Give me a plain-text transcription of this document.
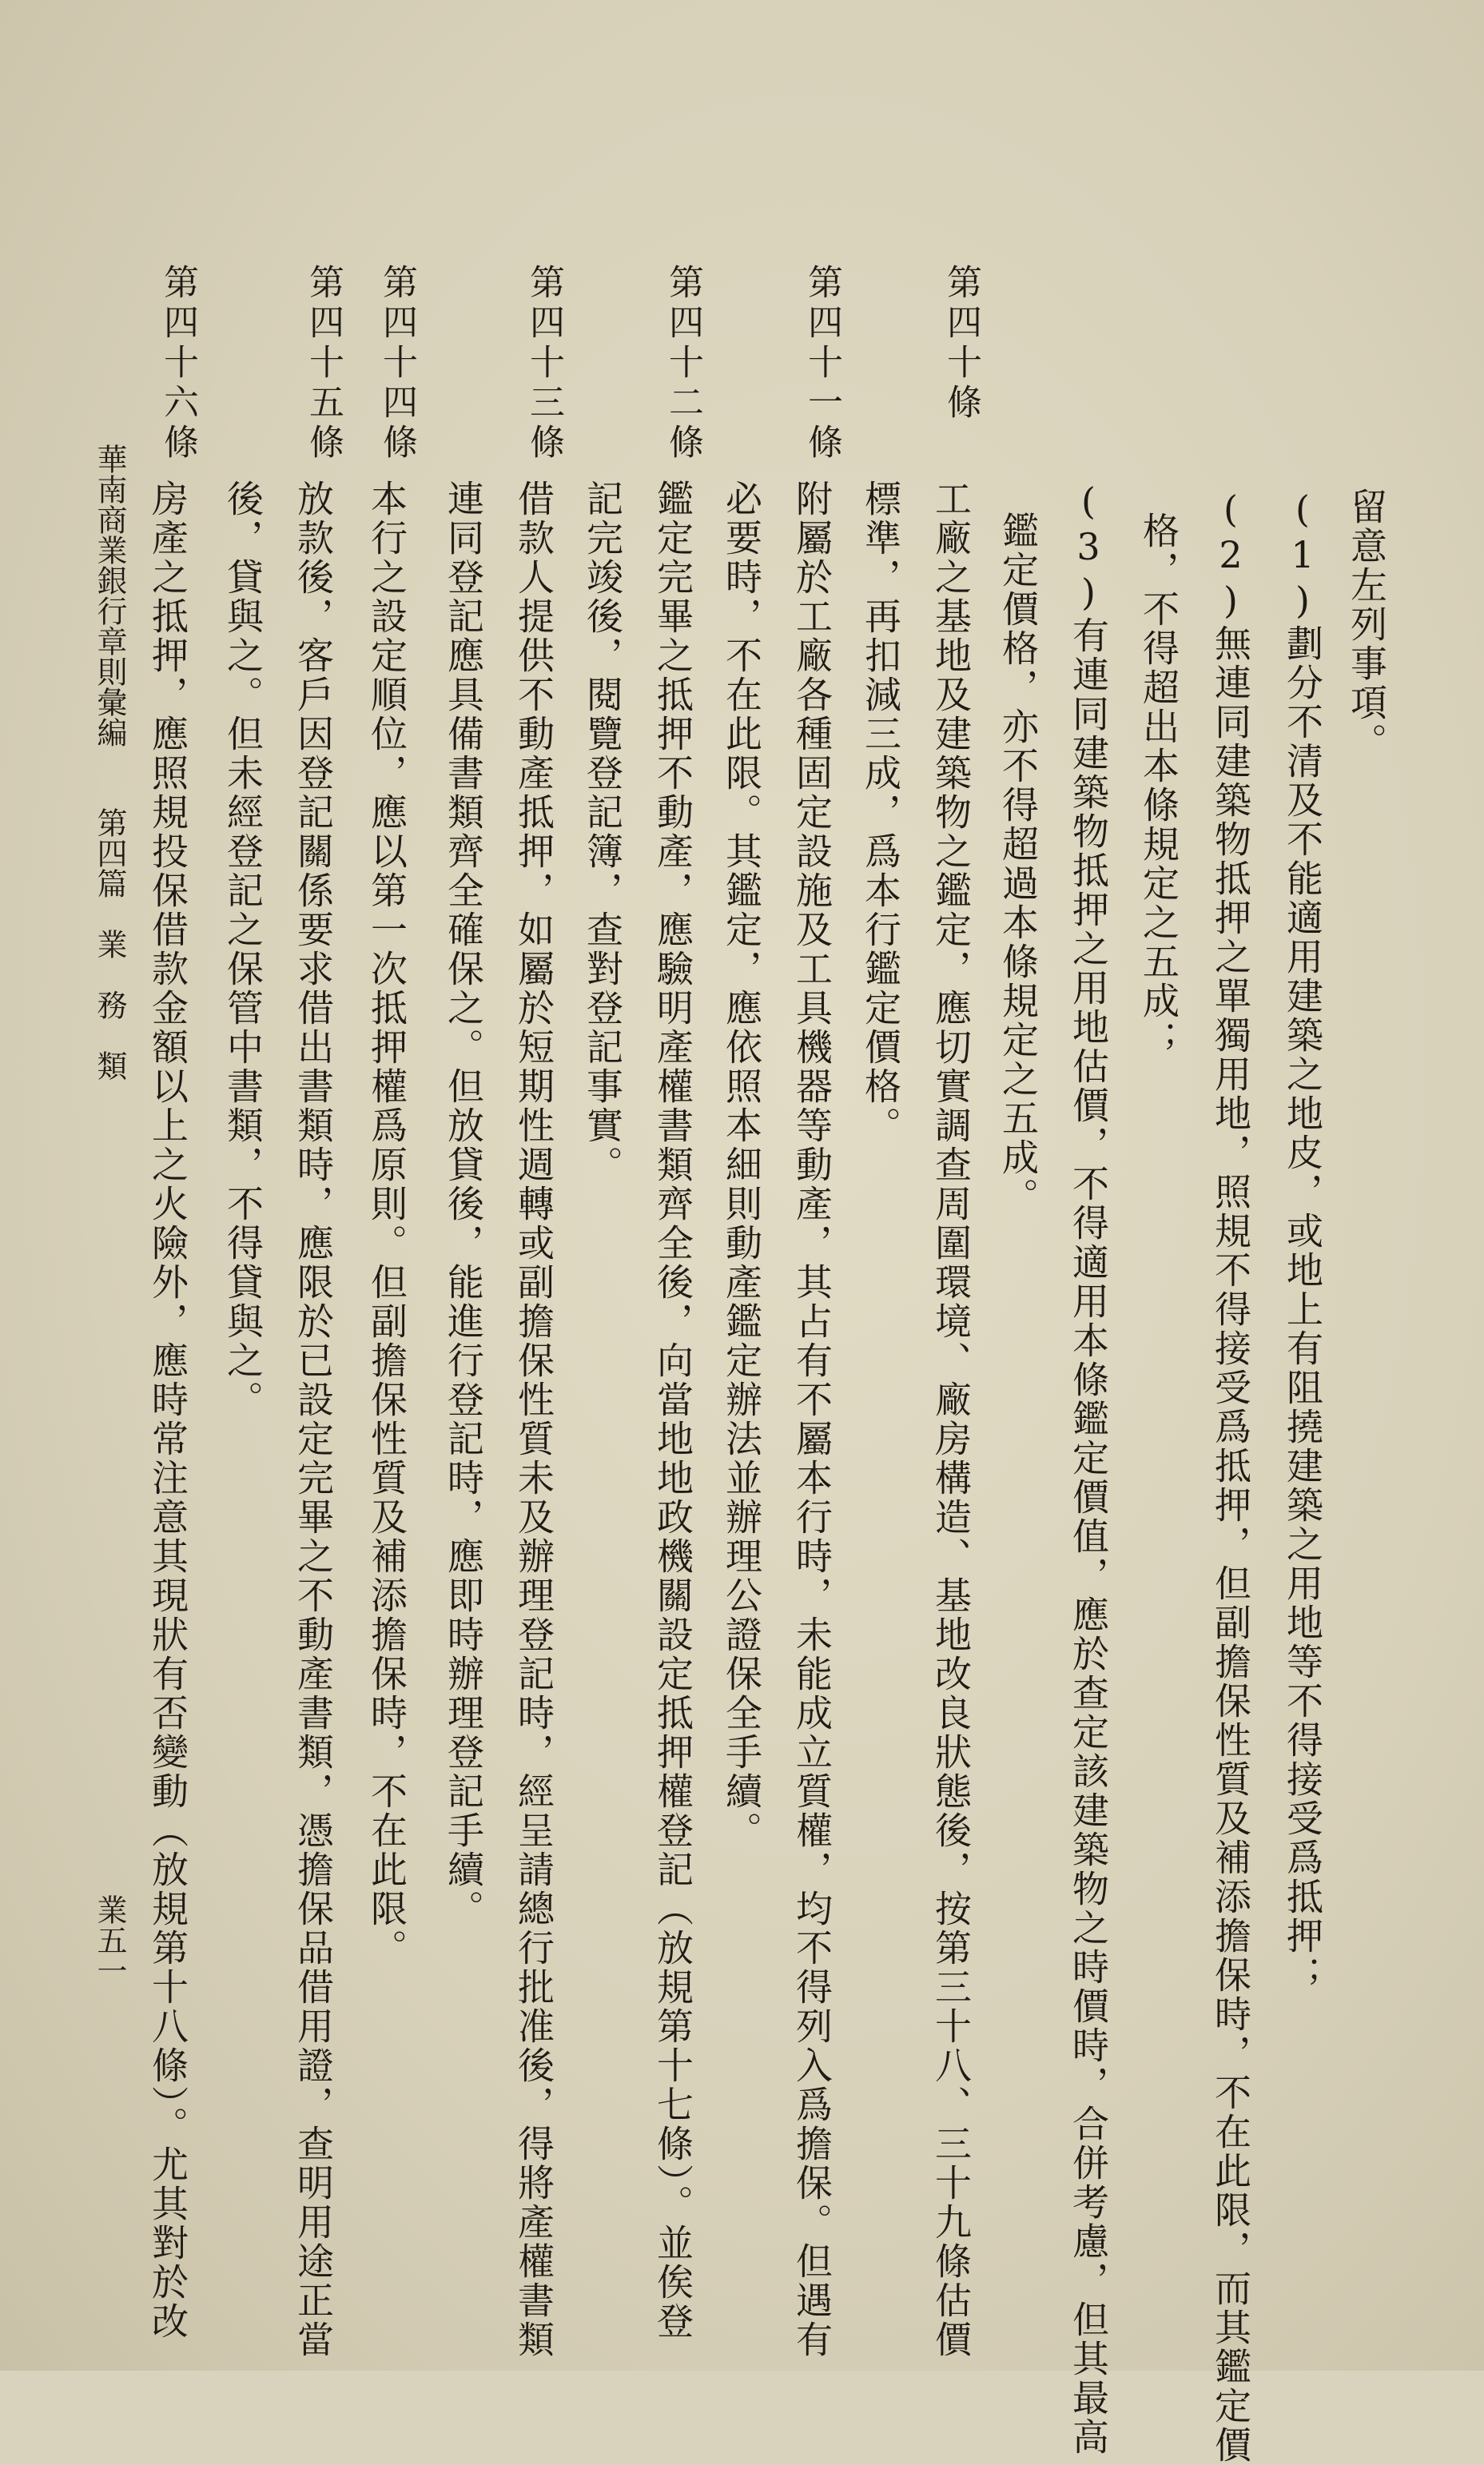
留意左列事項。
(1)劃分不清及不能適用建築之地皮，或地上有阻撓建築之用地等不得接受爲抵押；
(2)無連同建築物抵押之單獨用地，照規不得接受爲抵押，但副擔保性質及補添擔保時，不在此限，而其鑑定價
格，不得超出本條規定之五成；
(3)有連同建築物抵押之用地估價，不得適用本條鑑定價值，應於查定該建築物之時價時，合併考慮，但其最高
鑑定價格，亦不得超過本條規定之五成。
第四十條
工廠之基地及建築物之鑑定，應切實調查周圍環境、廠房構造、基地改良狀態後，按第三十八、三十九條估價
標準，再扣減三成，爲本行鑑定價格。
第四十一條
附屬於工廠各種固定設施及工具機器等動產，其占有不屬本行時，未能成立質權，均不得列入爲擔保。但遇有
必要時，不在此限。其鑑定，應依照本細則動產鑑定辦法並辦理公證保全手續。
第四十二條
鑑定完畢之抵押不動產，應驗明產權書類齊全後，向當地地政機關設定抵押權登記（放規第十七條）。並俟登
記完竣後，閱覽登記簿，查對登記事實。
第四十三條
借款人提供不動產抵押，如屬於短期性週轉或副擔保性質未及辦理登記時，經呈請總行批准後，得將產權書類
連同登記應具備書類齊全確保之。但放貸後，能進行登記時，應即時辦理登記手續。
第四十四條
本行之設定順位，應以第一次抵押權爲原則。但副擔保性質及補添擔保時，不在此限。
第四十五條
放款後，客戶因登記關係要求借出書類時，應限於已設定完畢之不動產書類，憑擔保品借用證，查明用途正當
後，貸與之。但未經登記之保管中書類，不得貸與之。
第四十六條
房產之抵押，應照規投保借款金額以上之火險外，應時常注意其現狀有否變動（放規第十八條）。尤其對於改
華南商業銀行章則彙編
第四篇　業　務　類
業五一
